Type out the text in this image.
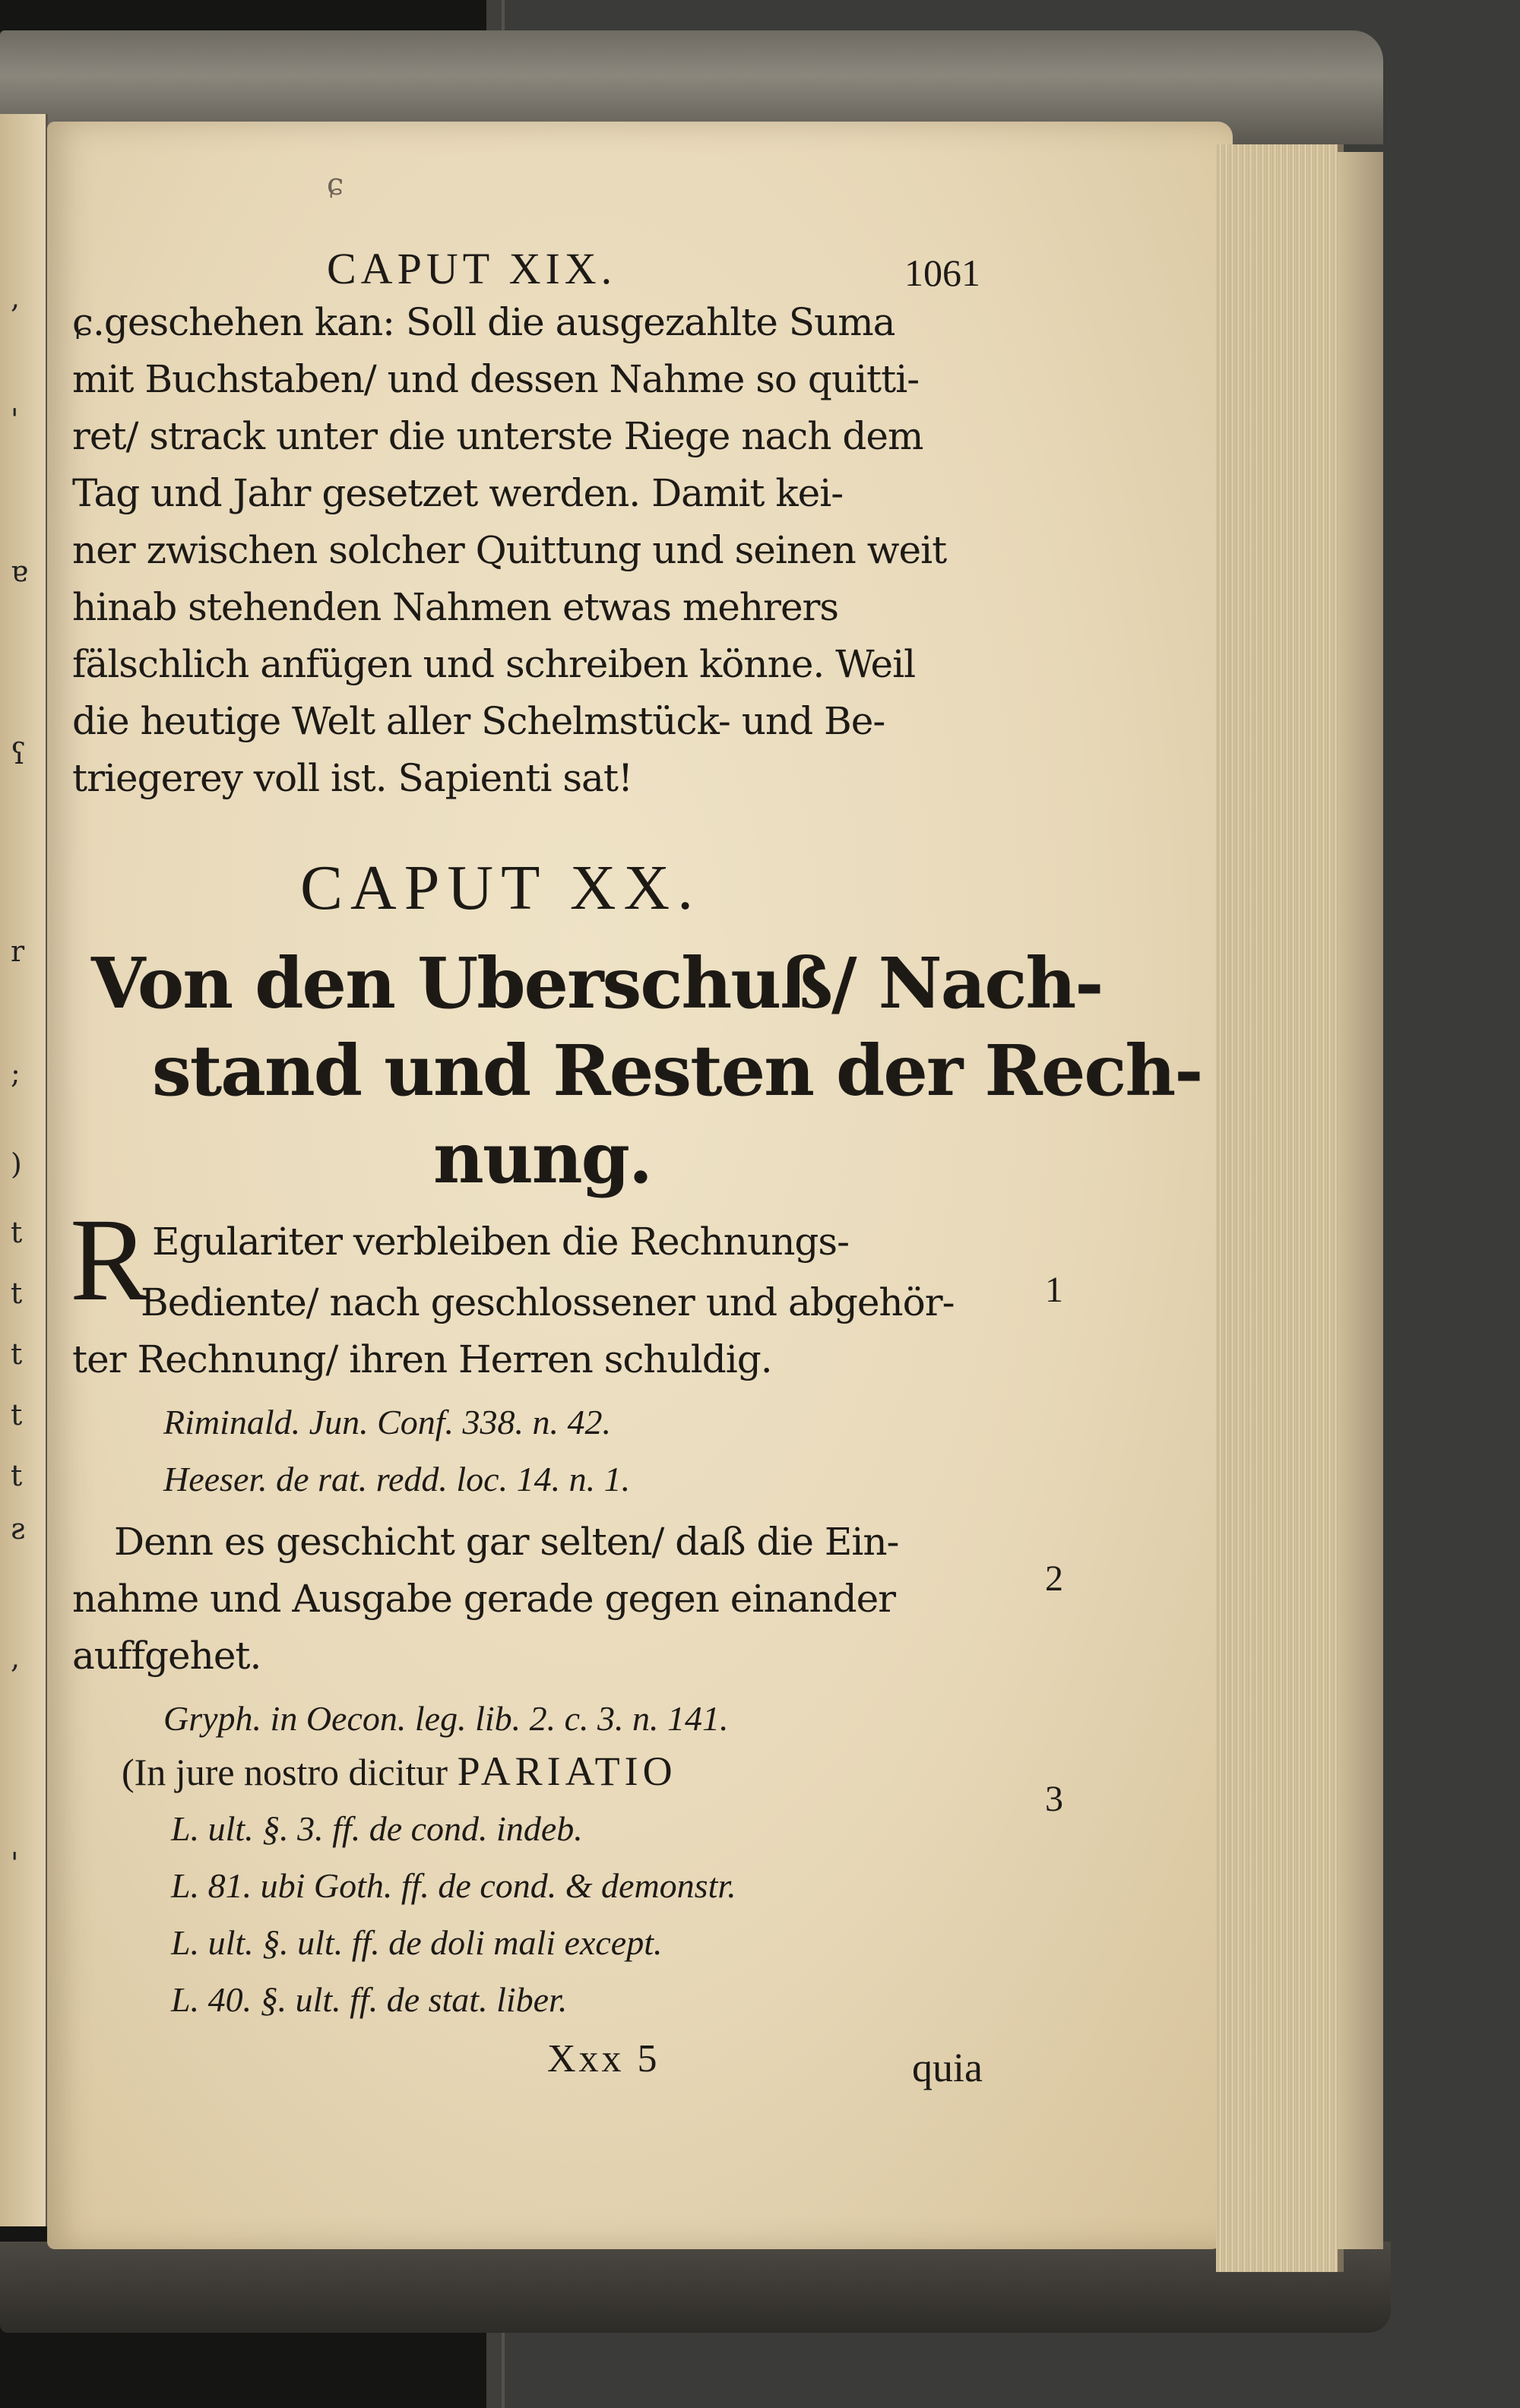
,
'
ɐ
ʕ
r
;
)
t
t
t
t
t
ƨ
,
'
ɕ
CAPUT XIX.	1061
ɕ.geschehen kan: Soll die ausgezahlte Suma
mit Buchstaben/ und dessen Nahme so quitti-
ret/ strack unter die unterste Riege nach dem
Tag und Jahr gesetzet werden. Damit kei-
ner zwischen solcher Quittung und seinen weit
hinab stehenden Nahmen etwas mehrers
fälschlich anfügen und schreiben könne. Weil
die heutige Welt aller Schelmstück- und Be-
triegerey voll ist. Sapienti sat!
CAPUT XX.
Von den Uberschuß/ Nach-
stand und Resten der Rech-
nung.
R Egulariter verbleiben die Rechnungs-
Bediente/ nach geschlossener und abgehör-
ter Rechnung/ ihren Herren schuldig.
Riminald. Jun. Conf. 338. n. 42.
Heeser. de rat. redd. loc. 14. n. 1.
Denn es geschicht gar selten/ daß die Ein-
nahme und Ausgabe gerade gegen einander
auffgehet.
Gryph. in Oecon. leg. lib. 2. c. 3. n. 141.
(In jure nostro dicitur PARIATIO
L. ult. §. 3. ff. de cond. indeb.
L. 81. ubi Goth. ff. de cond. & demonstr.
L. ult. §. ult. ff. de doli mali except.
L. 40. §. ult. ff. de stat. liber.
1
2
3
Xxx 5	quia
